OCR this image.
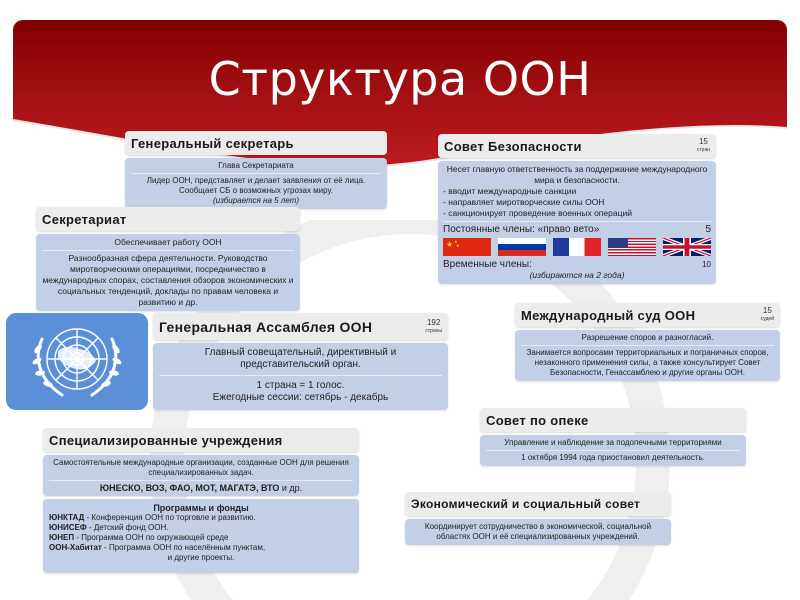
Структура ООН
Генеральный секретарь
Глава Секретариата
Лидер ООН, представляет и делает заявления от её лица. Сообщает СБ о возможных угрозах миру.
(избирается на 5 лет)
Секретариат
Обеспечивает работу ООН
Разнообразная сфера деятельности. Руководство миротворческими операциями, посредничество в международных спорах, составления обзоров экономических и социальных тенденций, доклады по правам человека и развитию и др.
Совет Безопасности	15
стран
Несет главную ответственность за поддержание международного мира и безопасности.
- вводит международные санкции
- направляет миротворческие силы ООН
- санкционирует проведение военных операций
Постоянные члены: «право вето»	5
★ ★
★
Временные члены:	10
(избираются на 2 года)
Генеральная Ассамблея ООН	192
страны
Главный совещательный, директивный и представительский орган.
1 страна = 1 голос.
Ежегодные сессии: сетябрь - декабрь
Международный суд ООН	15
судей
Разрешение споров и разногласий.
Занимается вопросами территориальных и пограничных споров, незаконного применения силы, а также консультирует Совет Безопасности, Генассамблею и другие органы ООН.
Совет по опеке
Управление и наблюдение за подопечными территориями
1 октября 1994 года приостановил деятельность.
Экономический и социальный совет
Координирует сотрудничество в экономической, социальной областях ООН и её специализированных учреждений.
Специализированные учреждения
Самостоятельные международные организации, созданные ООН для решения специализированных задач.
ЮНЕСКО, ВОЗ, ФАО, МОТ, МАГАТЭ, ВТО и др.
Программы и фонды
ЮНКТАД - Конференция ООН по торговле и развитию.
ЮНИСЕФ - Детский фонд ООН.
ЮНЕП - Программа ООН по окружающей среде
ООН-Хабитат - Программа ООН по населённым пунктам,
и другие проекты.
